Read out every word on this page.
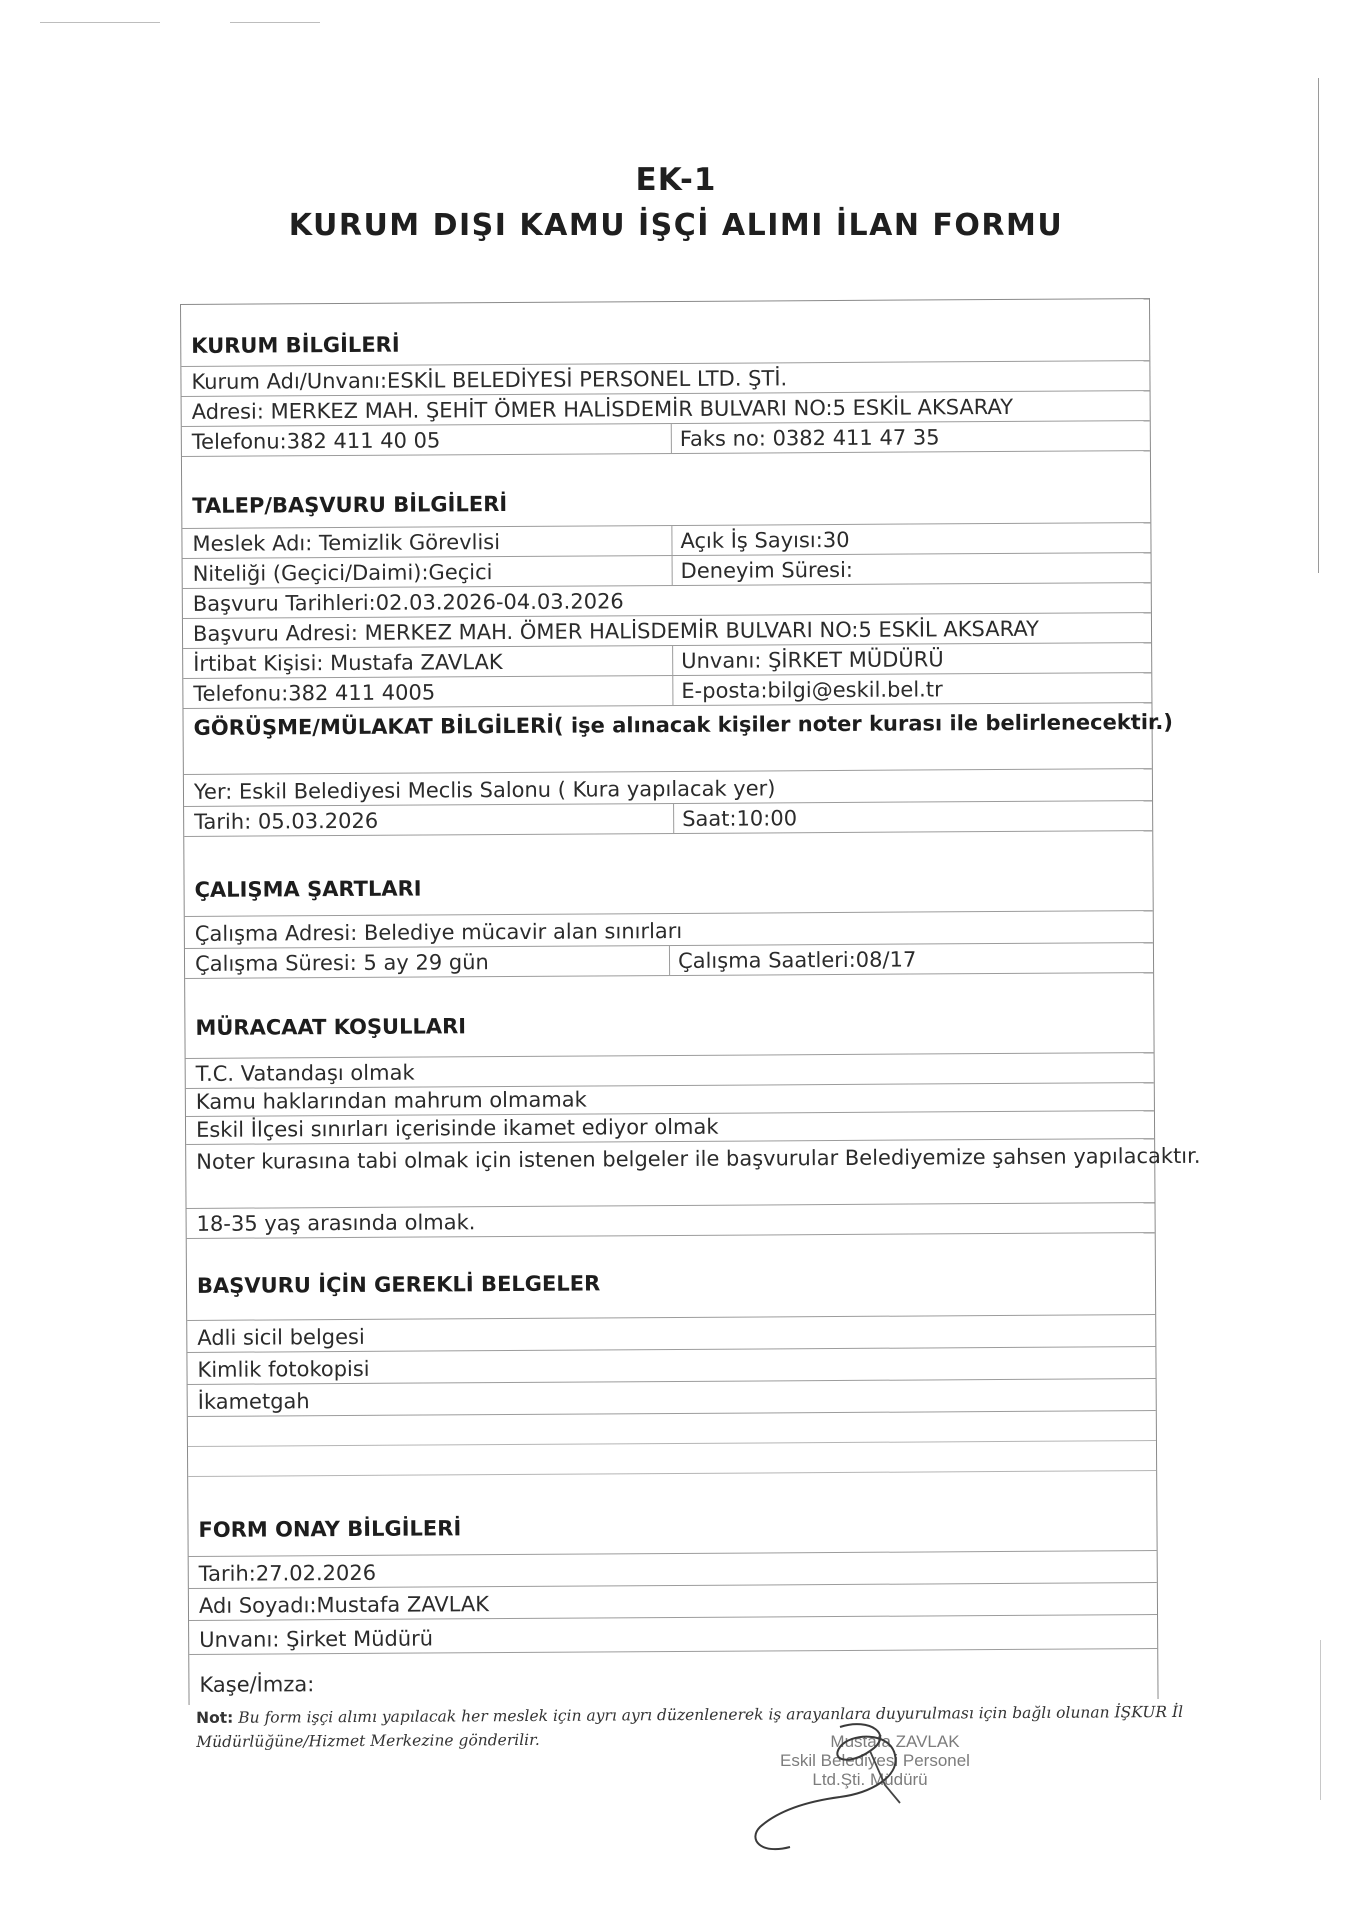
EK-1
KURUM DIŞI KAMU İŞÇİ ALIMI İLAN FORMU
KURUM BİLGİLERİ
Kurum Adı/Unvanı:ESKİL BELEDİYESİ PERSONEL LTD. ŞTİ.
Adresi: MERKEZ MAH. ŞEHİT ÖMER HALİSDEMİR BULVARI NO:5 ESKİL AKSARAY
Telefonu:382 411 40 05	Faks no: 0382 411 47 35
TALEP/BAŞVURU BİLGİLERİ
Meslek Adı: Temizlik Görevlisi	Açık İş Sayısı:30
Niteliği (Geçici/Daimi):Geçici	Deneyim Süresi:
Başvuru Tarihleri:02.03.2026-04.03.2026
Başvuru Adresi: MERKEZ MAH. ÖMER HALİSDEMİR BULVARI NO:5 ESKİL AKSARAY
İrtibat Kişisi: Mustafa ZAVLAK	Unvanı: ŞİRKET MÜDÜRÜ
Telefonu:382 411 4005	E-posta:bilgi@eskil.bel.tr
GÖRÜŞME/MÜLAKAT BİLGİLERİ( işe alınacak kişiler noter kurası ile belirlenecektir.)
Yer: Eskil Belediyesi Meclis Salonu ( Kura yapılacak yer)
Tarih: 05.03.2026	Saat:10:00
ÇALIŞMA ŞARTLARI
Çalışma Adresi: Belediye mücavir alan sınırları
Çalışma Süresi: 5 ay 29 gün	Çalışma Saatleri:08/17
MÜRACAAT KOŞULLARI
T.C. Vatandaşı olmak
Kamu haklarından mahrum olmamak
Eskil İlçesi sınırları içerisinde ikamet ediyor olmak
Noter kurasına tabi olmak için istenen belgeler ile başvurular Belediyemize şahsen yapılacaktır.
18-35 yaş arasında olmak.
BAŞVURU İÇİN GEREKLİ BELGELER
Adli sicil belgesi
Kimlik fotokopisi
İkametgah
FORM ONAY BİLGİLERİ
Tarih:27.02.2026
Adı Soyadı:Mustafa ZAVLAK
Unvanı: Şirket Müdürü
Kaşe/İmza:
Not: Bu form işçi alımı yapılacak her meslek için ayrı ayrı düzenlenerek iş arayanlara duyurulması için bağlı olunan İŞKUR İl Müdürlüğüne/Hizmet Merkezine gönderilir.	Mustafa ZAVLAK
Eskil Belediyesi Personel
Ltd.Şti. Müdürü
